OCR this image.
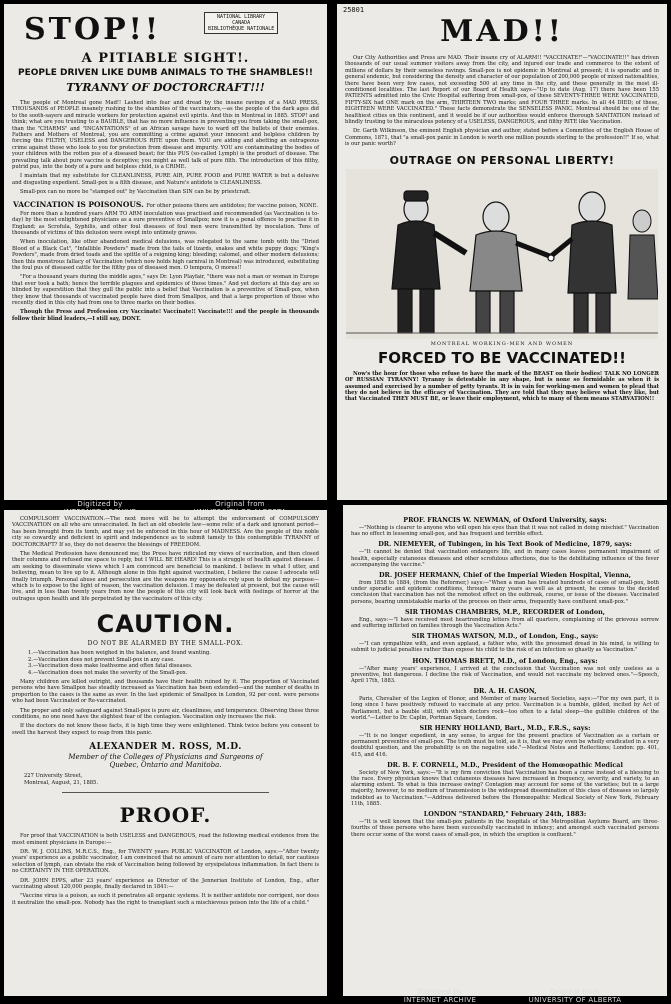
NATIONAL LIBRARY
CANADA
BIBLIOTHÈQUE NATIONALE
STOP!!
A PITIABLE SIGHT!.
PEOPLE DRIVEN LIKE DUMB ANIMALS TO THE SHAMBLES!!
TYRANNY OF DOCTORCRAFT!!!

The people of Montreal gone Mad!! Lashed into fear and dread by the insane ravings of a MAD PRESS, THOUSANDS of PEOPLE insanely rushing to the shambles of the vaccinators,—as the people of the dark ages did to the sooth-sayers and miracle workers for protection against evil spirits. And this in Montreal in 1885. STOP! and think; what are you trusting to a BAUBLE, that has no more influence in preventing you from taking the small-pox, than the "CHARMS" and "INCANTATIONS" of an African savage have to ward off the bullets of their enemies. Fathers and Mothers of Montreal, you are committing a crime against your innocent and helpless children by forcing this FILTHY, USELESS and DANGEROUS RITE upon them. YOU are aiding and abetting an outrageous crime against those who look to you for protection from disease and impurity. YOU are contaminating the bodies of your children with the rotten pus of a diseased beast; for this PUS (so-called Lymph) is the product of disease. The prevailing talk about pure vaccine is deceptive; you might as well talk of pure filth. The introduction of this filthy, putrid pus, into the body of a pure and helpless child, is a CRIME.

I maintain that my substitute for CLEANLINESS, PURE AIR, PURE FOOD and PURE WATER is but a delusive and disgusting expedient. Small-pox is a filth disease, and Nature's antidote is CLEANLINESS.

Small-pox can no more be "stamped out" by Vaccination than SIN can be by priestcraft.

VACCINATION IS POISONOUS. For other poisons there are antidotes; for vaccine poison, NONE.

For more than a hundred years ARM TO ARM inoculation was practised and recommended (as Vaccination is to-day) by the most enlightened physicians as a sure preventive of Smallpox; now it is a penal offence to practise it in England; as Scrofula, Syphilis, and other foul diseases of foul men were transmitted by inoculation. Tens of thousands of victims of this delusion were swept into untimely graves.

When inoculation, like other abandoned medical delusions, was relegated to the same tomb with the "Dried Blood of a Black Cat", "Infallible Powders" made from the tails of lizards, snakes and white puppy dogs; "King's Powders", made from dried toads and the spittle of a reigning king; bleeding; calomel, and other modern delusions; then this monstrous fallacy of Vaccination (which now holds high carnival in Montreal) was introduced, substituting the foul pus of diseased cattle for the filthy pus of diseased men. O tempora, O mores!!

"For a thousand years during the middle ages," says Dr. Lyon Playfair, "there was not a man or woman in Europe that ever took a bath; hence the terrible plagues and epidemics of those times." And yet doctors at this day are so blinded by superstition that they gull the public into a belief that Vaccination is a preventive of Small-pox, when they know that thousands of vaccinated people have died from Smallpox, and that a large proportion of those who recently died in this city had from one to three marks on their bodies.

Though the Press and Profession cry Vaccinate! Vaccinate!! Vaccinate!!! and the people in thousands follow their blind leaders,—I still say, DONT.

Digitized by	Original from
25801
MAD!!

Our City Authorities and Press are MAD. Their insane cry of ALARM!! "VACCINATE!"—"VACCINATE!!" has driven thousands of our usual summer visitors away from the city, and injured our trade and commerce to the extent of millions of dollars by their senseless ravings. Small-pox is not epidemic in Montreal at present; it is sporadic and in general endemic, but considering the density and character of our population of 200,000 people of mixed nationalities, there have been very few cases, not exceeding 500 at any time in the city, and these generally in the most ill-conditioned localities. The last Report of our Board of Health says—"Up to date (Aug. 17) there have been 155 PATIENTS admitted into the Civic Hospital suffering from small-pox, of these SEVENTY-THREE WERE VACCINATED, FIFTY-SIX had ONE mark on the arm, THIRTEEN TWO marks; and FOUR THREE marks. In all 44 DIED; of these, EIGHTEEN WERE VACCINATED." These facts demonstrate the SENSELESS PANIC. Montreal should be one of the healthiest cities on this continent, and it would be if our authorities would enforce thorough SANITATION instead of blindly trusting to the miraculous potency of a USELESS, DANGEROUS, and filthy RITE like Vaccination.

Dr. Garth Wilkinson, the eminent English physician and author, stated before a Committee of the English House of Commons, 1871, that "a small-pox panic in London is worth one million pounds sterling to the profession!!" If so, what is our panic worth?

OUTRAGE ON PERSONAL LIBERTY!
MONTREAL WORKING-MEN AND WOMEN
FORCED TO BE VACCINATED!!

Now's the hour for those who refuse to have the mark of the BEAST on their bodies! TALK NO LONGER OF RUSSIAN TYRANNY! Tyranny is detestable in any shape, but is none so formidable as when it is assumed and exercised by a number of petty tyrants. It is in vain for working-men and women to plead that they do not believe in the efficacy of Vaccination. They are told that they may believe what they like, but that Vaccinated THEY MUST BE, or leave their employment, which to many of them means STARVATION!!

COMPULSORY VACCINATION.—The next move will be to attempt the enforcement of COMPULSORY VACCINATION on all who are unvaccinated. In fact an old obsolete law—some relic of a dark and ignorant period—has been brought from its tomb, and may yet be enforced in this hour of MADNESS. Are the people of this noble city so cowardly and deficient in spirit and independence as to submit tamely to this contemptible TYRANNY of DOCTORCRAFT? If so, they do not deserve the blessings of FREEDOM.

The Medical Profession have denounced me; the Press have ridiculed my views of vaccination, and then closed their columns and refused me space to reply, but I WILL BE HEARD! This is a struggle of health against disease. I am seeking to disseminate views which I am convinced are beneficial to mankind. I believe in what I utter, and believing, mean to live up to it. Although alone in this fight against vaccination, I believe the cause I advocate will finally triumph. Personal abuse and persecution are the weapons my opponents rely upon to defeat my purpose—which is to expose to the light of reason, the vaccination delusion. I may be defeated at present, but the cause will live, and in less than twenty years from now the people of this city will look back with feelings of horror at the outrages upon health and life perpetrated by the vaccinators of this city.

CAUTION.
DO NOT BE ALARMED BY THE SMALL-POX.
1.—Vaccination has been weighed in the balance, and found wanting.
2.—Vaccination does not prevent Small-pox in any case.
3.—Vaccination does make loathsome and often fatal diseases.
4.—Vaccination does not make the severity of the Small-pox.

Many children are killed outright, and thousands have their health ruined by it. The proportion of Vaccinated persons who have Smallpox has steadily increased as Vaccination has been extended—and the number of deaths in proportion to the cases is the same as ever. In the last epidemic of Smallpox in London, 92 per cent. were persons who had been Vaccinated or Re-vaccinated.

The proper and only safeguard against Small-pox is pure air, cleanliness, and temperance. Observing these three conditions, no one need have the slightest fear of the contagion. Vaccination only increases the risk.

If the doctors do not know these facts, it is high time they were enlightened. Think twice before you consent to swell the harvest they expect to reap from this panic.

ALEXANDER M. ROSS, M.D.

Member of the Colleges of Physicians and Surgeons of

Quebec, Ontario and Manitoba.

227 University Street,
Montreal, August, 21, 1885.
PROOF.

For proof that VACCINATION is both USELESS and DANGEROUS, read the following medical evidence from the most eminent physicians in Europe:—

DR. W. J. COLLINS, M.R.C.S., Eng., for TWENTY years PUBLIC VACCINATOR of London, says:—"After twenty years' experience as a public vaccinator, I am convinced that no amount of care nor attention to detail, nor cautious selection of lymph, can obviate the risk of Vaccination being followed by erysipelatous inflammation. In fact there is no CERTAINTY IN THE OPERATION.

DR. JOHN EPPS, after 23 years' experience as Director of the Jennerian Institute of London, Eng., after vaccinating about 120,000 people, finally declared in 1841:—

"Vaccine virus is a poison, as such it penetrates all organic systems. It is neither antidote nor corrigent, nor does it neutralize the small-pox. Nobody has the right to transplant such a mischievous poison into the life of a child."

PROF. FRANCIS W. NEWMAN, of Oxford University, says:

—"Nothing is clearer to anyone who will open his eyes than that it was not called in doing mischief." Vaccination has no effect in lessening small-pox, and has frequent and terrible effect.

DR. NIEMEYER, of Tubingen, in his Text Book of Medicine, 1879, says:

—"It cannot be denied that vaccination endangers life, and in many cases leaves permanent impairment of health, especially cutaneous diseases and other scrofulous affections, due to the debilitating influence of the fever accompanying the vaccine."

DR. JOSEF HERMANN, Chief of the Imperial Wieden Hospital, Vienna,

from 1858 to 1884, (from the Reformer,) says:—"When a man has treated hundreds of cases of small-pox, both under sporadic and epidemic conditions, through many years as well as at present, he comes to the decided conclusion that vaccination has not the remotest effect on the outbreak, course, or issue of the disease. Vaccinated persons, bearing unmistakable marks of the process on their arms, frequently have confluent small-pox."

SIR THOMAS CHAMBERS, M.P., RECORDER of London,

Eng., says:—"I have received most heartrending letters from all quarters, complaining of the grievous sorrow and suffering inflicted on families through the Vaccination Acts."

SIR THOMAS WATSON, M.D., of London, Eng., says:

—"I can sympathize with, and even applaud, a father who, with the presumed dread in his mind, is willing to submit to judicial penalties rather than expose his child to the risk of an infection so ghastly as Vaccination."

HON. THOMAS BRETT, M.D., of London, Eng., says:

—"After many years' experience, I arrived at the conclusion that Vaccination was not only useless as a preventive, but dangerous. I decline the risk of Vaccination, and would not vaccinate my beloved ones."—Speech, April 17th, 1883.

DR. A. H. CASON,

Paris, Chevalier of the Legion of Honor, and Member of many learned Societies, says:—"For my own part, it is long since I have positively refused to vaccinate at any price. Vaccination is a humble, gilded, incited by Act of Parliament, but a bauble still, with which doctors rock—too often to a fatal sleep—the gullible children of the world."—Letter to Dr. Caplin, Portman Square, London.

SIR HENRY HOLLAND, Bart., M.D., F.R.S., says:

—"It is no longer expedient, in any sense, to argue for the present practice of Vaccination as a certain or permanent preventive of small-pox. The truth must be told, as it is, that we may even be wholly eradicated in a very doubtful question, and the probability is on the negative side."—Medical Notes and Reflections; London: pp. 401, 415, and 416.

DR. B. F. CORNELL, M.D., President of the Homœopathic Medical

Society of New York, says:—"It is my firm conviction that Vaccination has been a curse instead of a blessing to the race. Every physician knows that cutaneous diseases have increased in frequency, severity, and variety, to an alarming extent. To what is this increase owing? Contagion may account for some of the varieties; but in a large majority, however, to no medium of transmission is the widespread dissemination of this class of diseases so largely indebted as to Vaccination."—Address delivered before the Homœopathic Medical Society of New York, February 11th, 1885.

LONDON "STANDARD," February 24th, 1883:

—"It is well known that the small-pox patients in the hospitals of the Metropolitan Asylums Board, are three-fourths of those persons who have been successfully vaccinated in infancy; and amongst such vaccinated persons there occur some of the worst cases of small-pox, in which the eruption is confluent."

Digitized by
INTERNET ARCHIVE
Original from
UNIVERSITY OF ALBERTA
